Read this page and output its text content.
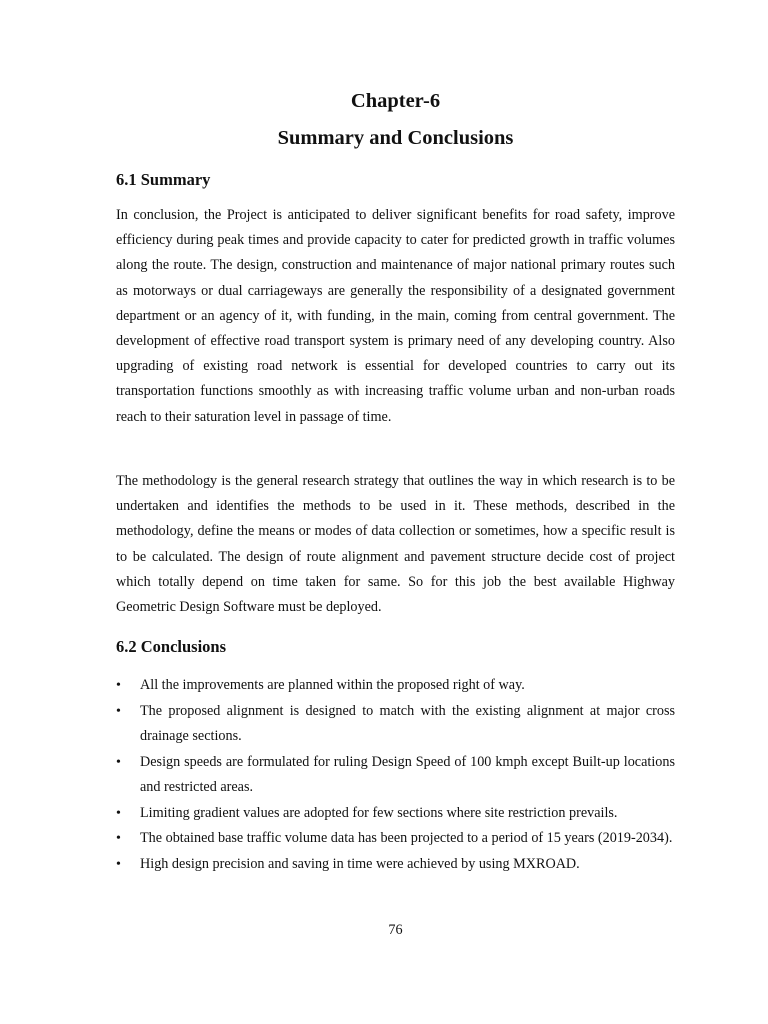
Chapter-6
Summary and Conclusions
6.1 Summary

In conclusion, the Project is anticipated to deliver significant benefits for road safety, improve efficiency during peak times and provide capacity to cater for predicted growth in traffic volumes along the route. The design, construction and maintenance of major national primary routes such as motorways or dual carriageways are generally the responsibility of a designated government department or an agency of it, with funding, in the main, coming from central government. The development of effective road transport system is primary need of any developing country. Also upgrading of existing road network is essential for developed countries to carry out its transportation functions smoothly as with increasing traffic volume urban and non-urban roads reach to their saturation level in passage of time.

The methodology is the general research strategy that outlines the way in which research is to be undertaken and identifies the methods to be used in it. These methods, described in the methodology, define the means or modes of data collection or sometimes, how a specific result is to be calculated. The design of route alignment and pavement structure decide cost of project which totally depend on time taken for same. So for this job the best available Highway Geometric Design Software must be deployed.

6.2 Conclusions
•	All the improvements are planned within the proposed right of way.
•	The proposed alignment is designed to match with the existing alignment at major cross drainage sections.
•	Design speeds are formulated for ruling Design Speed of 100 kmph except Built-up locations and restricted areas.
•	Limiting gradient values are adopted for few sections where site restriction prevails.
•	The obtained base traffic volume data has been projected to a period of 15 years (2019-2034).
•	High design precision and saving in time were achieved by using MXROAD.
76
